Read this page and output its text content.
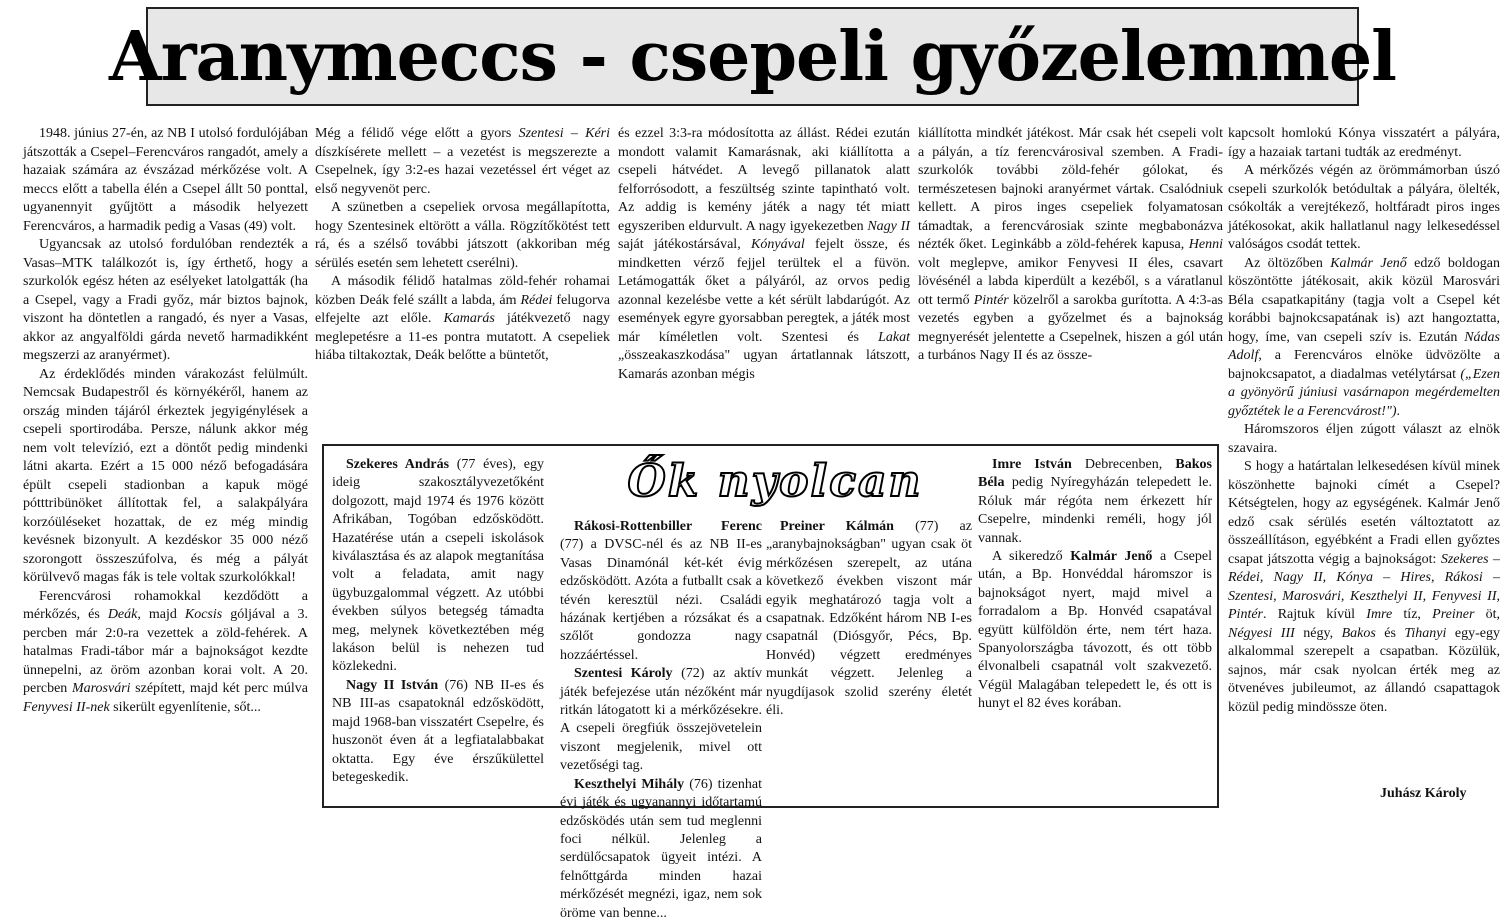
Aranymeccs - csepeli győzelemmel

1948. június 27-én, az NB I utolsó fordulójában játszották a Csepel–Ferencváros rangadót, amely a hazaiak számára az évszázad mérkőzése volt. A meccs előtt a tabella élén a Csepel állt 50 ponttal, ugyanennyit gyűjtött a második helyezett Ferencváros, a harmadik pedig a Vasas (49) volt.

Ugyancsak az utolsó fordulóban rendezték a Vasas–MTK találkozót is, így érthető, hogy a szurkolók egész héten az esélyeket latolgatták (ha a Csepel, vagy a Fradi győz, már biztos bajnok, viszont ha döntetlen a rangadó, és nyer a Vasas, akkor az angyalföldi gárda nevető harmadikként megszerzi az aranyérmet).

Az érdeklődés minden várakozást felülmúlt. Nemcsak Budapestről és környékéről, hanem az ország minden tájáról érkeztek jegyigénylések a csepeli sportirodába. Persze, nálunk akkor még nem volt televízió, ezt a döntőt pedig mindenki látni akarta. Ezért a 15 000 néző befogadására épült csepeli stadionban a kapuk mögé pótttribünöket állítottak fel, a salakpályára korzóüléseket hozattak, de ez még mindig kevésnek bizonyult. A kezdéskor 35 000 néző szorongott összeszúfolva, és még a pályát körülvevő magas fák is tele voltak szurkolókkal!

Ferencvárosi rohamokkal kezdődött a mérkőzés, és Deák, majd Kocsis góljával a 3. percben már 2:0-ra vezettek a zöld-fehérek. A hatalmas Fradi-tábor már a bajnokságot kezdte ünnepelni, az öröm azonban korai volt. A 20. percben Marosvári szépített, majd két perc múlva Fenyvesi II-nek sikerült egyenlítenie, sőt...

Még a félidő vége előtt a gyors Szentesi – Kéri díszkísérete mellett – a vezetést is megszerezte a Csepelnek, így 3:2-es hazai vezetéssel ért véget az első negyvenöt perc.

A szünetben a csepeliek orvosa megállapította, hogy Szentesinek eltörött a válla. Rögzítőkötést tett rá, és a szélső további játszott (akkoriban még sérülés esetén sem lehetett cserélni).

A második félidő hatalmas zöld-fehér rohamai közben Deák felé szállt a labda, ám Rédei felugorva elfejelte azt előle. Kamarás játékvezető nagy meglepetésre a 11-es pontra mutatott. A csepeliek hiába tiltakoztak, Deák belőtte a büntetőt,

és ezzel 3:3-ra módosította az állást. Rédei ezután mondott valamit Kamarásnak, aki kiállította a csepeli hátvédet. A levegő pillanatok alatt felforrósodott, a feszültség szinte tapintható volt. Az addig is kemény játék a nagy tét miatt egyszeriben eldurvult. A nagy igyekezetben Nagy II saját játékostársával, Kónyával fejelt össze, és mindketten vérző fejjel terültek el a füvön. Letámogatták őket a pályáról, az orvos pedig azonnal kezelésbe vette a két sérült labdarúgót. Az események egyre gyorsabban peregtek, a játék most már kíméletlen volt. Szentesi és Lakat „összeakaszkodása" ugyan ártatlannak látszott, Kamarás azonban mégis

kiállította mindkét játékost. Már csak hét csepeli volt a pályán, a tíz ferencvárosival szemben. A Fradi-szurkolók további zöld-fehér gólokat, és természetesen bajnoki aranyérmet vártak. Csalódniuk kellett. A piros inges csepeliek folyamatosan támadtak, a ferencvárosiak szinte megbabonázva nézték őket. Leginkább a zöld-fehérek kapusa, Henni volt meglepve, amikor Fenyvesi II éles, csavart lövésénél a labda kiperdült a kezéből, s a váratlanul ott termő Pintér közelről a sarokba gurította. A 4:3-as vezetés egyben a győzelmet és a bajnokság megnyerését jelentette a Csepelnek, hiszen a gól után a turbános Nagy II és az össze-

kapcsolt homlokú Kónya visszatért a pályára, így a hazaiak tartani tudták az eredményt.

A mérkőzés végén az örömmámorban úszó csepeli szurkolók betódultak a pályára, ölelték, csókolták a verejtékező, holtfáradt piros inges játékosokat, akik hallatlanul nagy lelkesedéssel valóságos csodát tettek.

Az öltözőben Kalmár Jenő edző boldogan köszöntötte játékosait, akik közül Marosvári Béla csapatkapitány (tagja volt a Csepel két korábbi bajnokcsapatának is) azt hangoztatta, hogy, íme, van csepeli szív is. Ezután Nádas Adolf, a Ferencváros elnöke üdvözölte a bajnokcsapatot, a diadalmas vetélytársat („Ezen a gyönyörű júniusi vasárnapon megérdemelten győztétek le a Ferencvárost!").

Háromszoros éljen zúgott választ az elnök szavaira.

S hogy a határtalan lelkesedésen kívül minek köszönhette bajnoki címét a Csepel? Kétségtelen, hogy az egységének. Kalmár Jenő edző csak sérülés esetén változtatott az összeállításon, egyébként a Fradi ellen győztes csapat játszotta végig a bajnokságot: Szekeres – Rédei, Nagy II, Kónya – Hires, Rákosi – Szentesi, Marosvári, Keszthelyi II, Fenyvesi II, Pintér. Rajtuk kívül Imre tíz, Preiner öt, Négyesi III négy, Bakos és Tihanyi egy-egy alkalommal szerepelt a csapatban. Közülük, sajnos, már csak nyolcan érték meg az ötvenéves jubileumot, az állandó csapattagok közül pedig mindössze öten.

Ők nyolcan

Szekeres András (77 éves), egy ideig szakosztályvezetőként dolgozott, majd 1974 és 1976 között Afrikában, Togóban edzősködött. Hazatérése után a csepeli iskolások kiválasztása és az alapok megtanítása volt a feladata, amit nagy ügybuzgalommal végzett. Az utóbbi években súlyos betegség támadta meg, melynek következtében még lakáson belül is nehezen tud közlekedni.

Nagy II István (76) NB II-es és NB III-as csapatoknál edzősködött, majd 1968-ban visszatért Csepelre, és huszonöt éven át a legfiatalabbakat oktatta. Egy éve érszűkülettel betegeskedik.

Rákosi-Rottenbiller Ferenc (77) a DVSC-nél és az NB II-es Vasas Dinamónál két-két évig edzősködött. Azóta a futballt csak a tévén keresztül nézi. Családi házának kertjében a rózsákat és a szőlőt gondozza nagy hozzáértéssel.

Szentesi Károly (72) az aktív játék befejezése után nézőként már ritkán látogatott ki a mérkőzésekre. A csepeli öregfiúk összejövetelein viszont megjelenik, mivel ott vezetőségi tag.

Keszthelyi Mihály (76) tizenhat évi játék és ugyanannyi időtartamú edzősködés után sem tud meglenni foci nélkül. Jelenleg a serdülőcsapatok ügyeit intézi. A felnőttgárda minden hazai mérkőzését megnézi, igaz, nem sok öröme van benne...

Preiner Kálmán (77) az „aranybajnokságban" ugyan csak öt mérkőzésen szerepelt, az utána következő években viszont már egyik meghatározó tagja volt a csapatnak. Edzőként három NB I-es csapatnál (Diósgyőr, Pécs, Bp. Honvéd) végzett eredményes munkát végzett. Jelenleg a nyugdíjasok szolid szerény életét éli.

Imre István Debrecenben, Bakos Béla pedig Nyíregyházán telepedett le. Róluk már régóta nem érkezett hír Csepelre, mindenki reméli, hogy jól vannak.

A sikeredző Kalmár Jenő a Csepel után, a Bp. Honvéddal háromszor is bajnokságot nyert, majd mivel a forradalom a Bp. Honvéd csapatával együtt külföldön érte, nem tért haza. Spanyolországba távozott, és ott több élvonalbeli csapatnál volt szakvezető. Végül Malagában telepedett le, és ott is hunyt el 82 éves korában.

Juhász Károly
